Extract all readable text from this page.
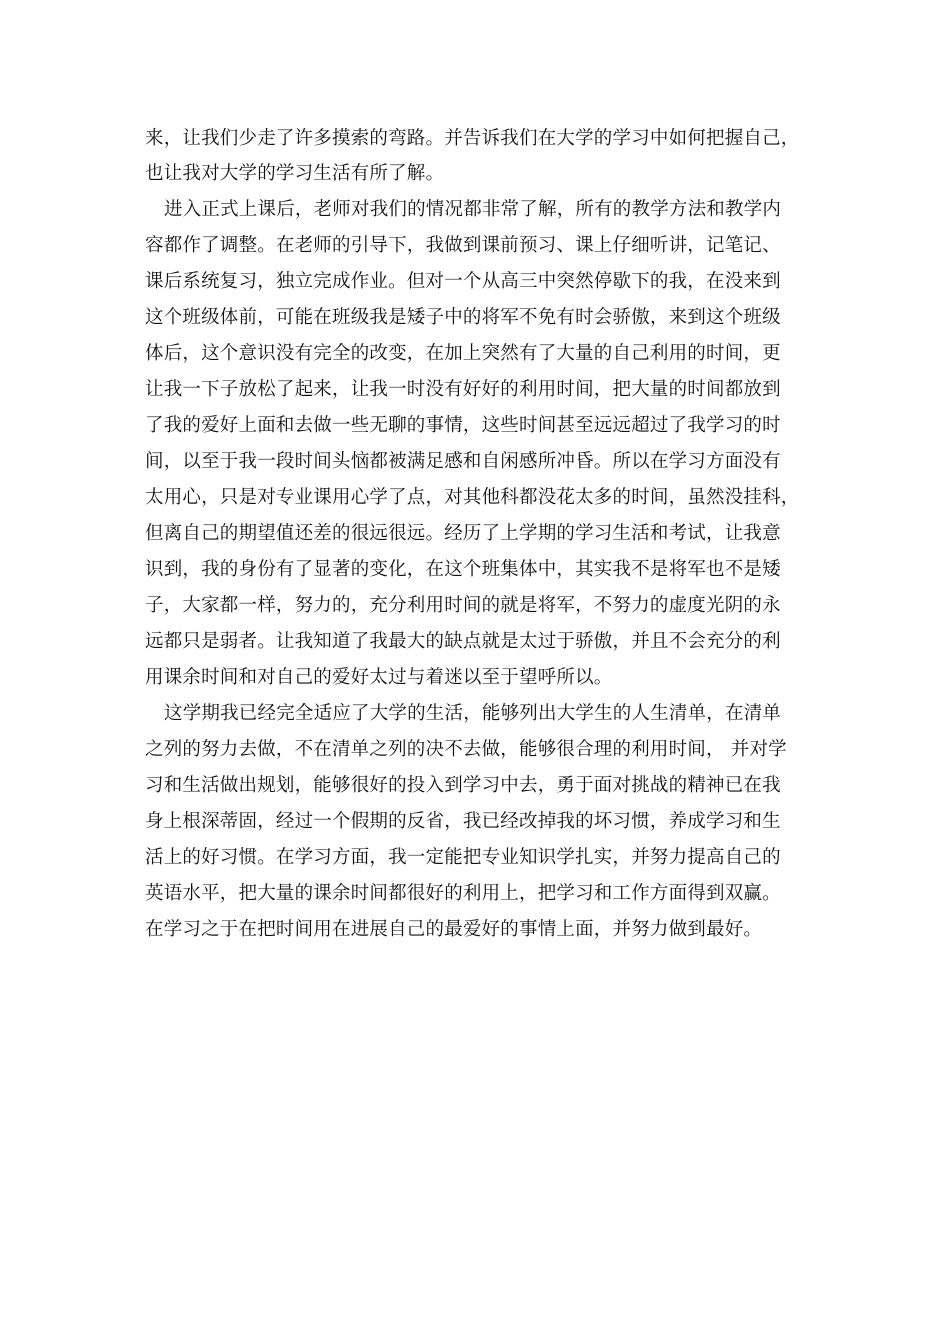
来，让我们少走了许多摸索的弯路。并告诉我们在大学的学习中如何把握自己，
也让我对大学的学习生活有所了解。
进入正式上课后，老师对我们的情况都非常了解，所有的教学方法和教学内
容都作了调整。在老师的引导下，我做到课前预习、课上仔细听讲，记笔记、
课后系统复习，独立完成作业。但对一个从高三中突然停歇下的我，在没来到
这个班级体前，可能在班级我是矮子中的将军不免有时会骄傲，来到这个班级
体后，这个意识没有完全的改变，在加上突然有了大量的自己利用的时间，更
让我一下子放松了起来，让我一时没有好好的利用时间，把大量的时间都放到
了我的爱好上面和去做一些无聊的事情，这些时间甚至远远超过了我学习的时
间，以至于我一段时间头恼都被满足感和自闲感所冲昏。所以在学习方面没有
太用心，只是对专业课用心学了点，对其他科都没花太多的时间，虽然没挂科，
但离自己的期望值还差的很远很远。经历了上学期的学习生活和考试，让我意
识到，我的身份有了显著的变化，在这个班集体中，其实我不是将军也不是矮
子，大家都一样，努力的，充分利用时间的就是将军，不努力的虚度光阴的永
远都只是弱者。让我知道了我最大的缺点就是太过于骄傲，并且不会充分的利
用课余时间和对自己的爱好太过与着迷以至于望呼所以。
这学期我已经完全适应了大学的生活，能够列出大学生的人生清单，在清单
之列的努力去做，不在清单之列的决不去做，能够很合理的利用时间， 并对学
习和生活做出规划，能够很好的投入到学习中去，勇于面对挑战的精神已在我
身上根深蒂固，经过一个假期的反省，我已经改掉我的坏习惯，养成学习和生
活上的好习惯。在学习方面，我一定能把专业知识学扎实，并努力提高自己的
英语水平，把大量的课余时间都很好的利用上，把学习和工作方面得到双赢。
在学习之于在把时间用在进展自己的最爱好的事情上面，并努力做到最好。
